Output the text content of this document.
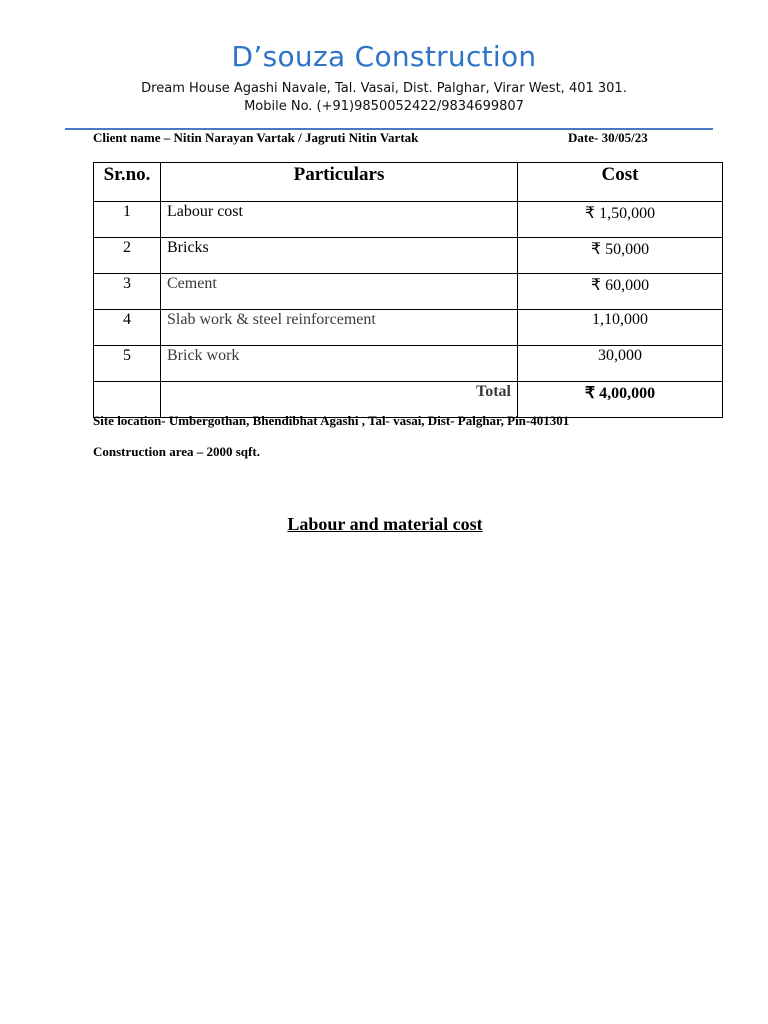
D’souza Construction
Dream House Agashi Navale, Tal. Vasai, Dist. Palghar, Virar West, 401 301.
Mobile No. (+91)9850052422/9834699807
Client name – Nitin Narayan Vartak / Jagruti Nitin Vartak	Date- 30/05/23
Sr.no.	Particulars	Cost
1	Labour cost	₹ 1,50,000
2	Bricks	₹ 50,000
3	Cement	₹ 60,000
4	Slab work & steel reinforcement	1,10,000
5	Brick work	30,000
	Total	₹ 4,00,000
Site location- Umbergothan, Bhendibhat Agashi , Tal- vasai, Dist- Palghar, Pin-401301
Construction area – 2000 sqft.
Labour and material cost
